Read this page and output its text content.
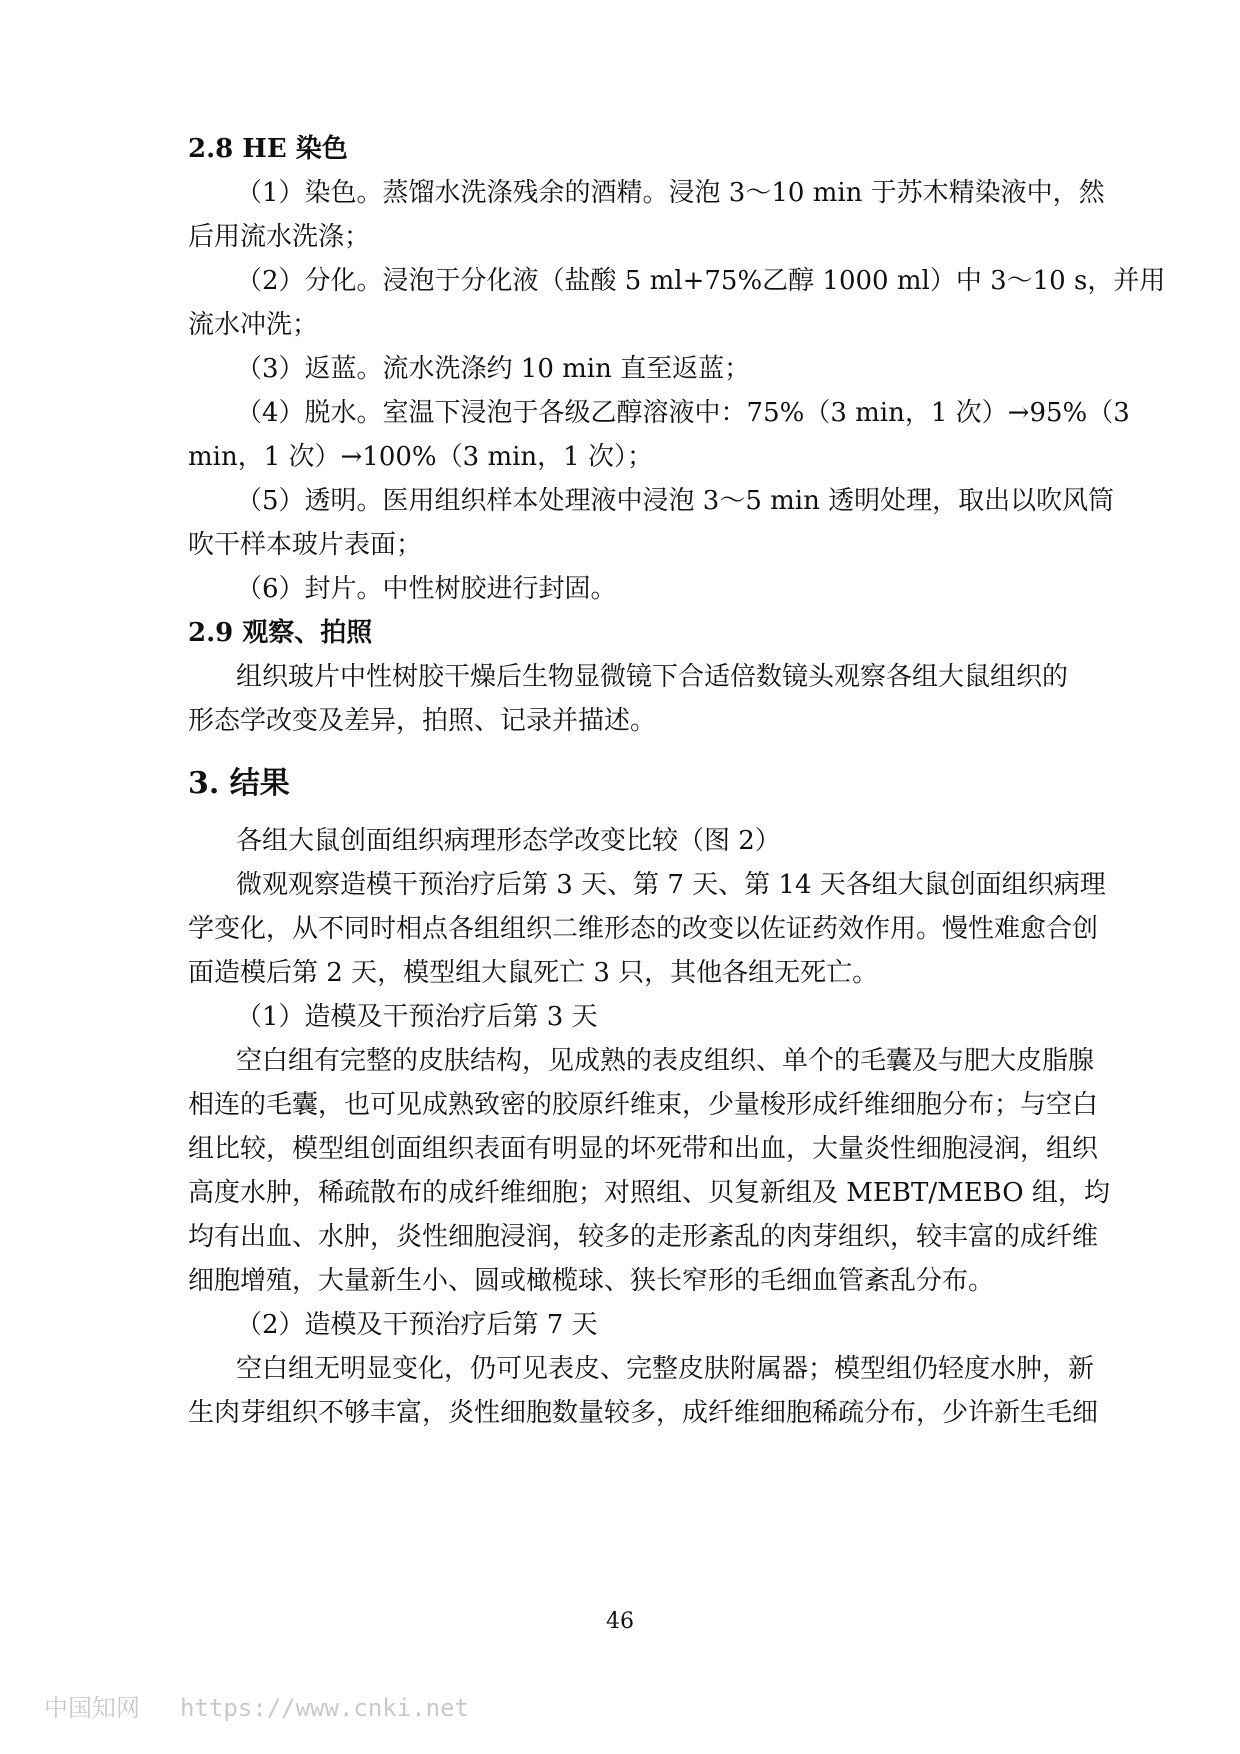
2.8 HE 染色
（1）染色。蒸馏水洗涤残余的酒精。浸泡 3～10 min 于苏木精染液中，然
后用流水洗涤；
（2）分化。浸泡于分化液（盐酸 5 ml+75%乙醇 1000 ml）中 3～10 s，并用
流水冲洗；
（3）返蓝。流水洗涤约 10 min 直至返蓝；
（4）脱水。室温下浸泡于各级乙醇溶液中：75%（3 min，1 次）→95%（3
min，1 次）→100%（3 min，1 次）；
（5）透明。医用组织样本处理液中浸泡 3～5 min 透明处理，取出以吹风筒
吹干样本玻片表面；
（6）封片。中性树胶进行封固。
2.9 观察、拍照
组织玻片中性树胶干燥后生物显微镜下合适倍数镜头观察各组大鼠组织的
形态学改变及差异，拍照、记录并描述。
3. 结果
各组大鼠创面组织病理形态学改变比较（图 2）
微观观察造模干预治疗后第 3 天、第 7 天、第 14 天各组大鼠创面组织病理
学变化，从不同时相点各组组织二维形态的改变以佐证药效作用。慢性难愈合创
面造模后第 2 天，模型组大鼠死亡 3 只，其他各组无死亡。
（1）造模及干预治疗后第 3 天
空白组有完整的皮肤结构，见成熟的表皮组织、单个的毛囊及与肥大皮脂腺
相连的毛囊，也可见成熟致密的胶原纤维束，少量梭形成纤维细胞分布；与空白
组比较，模型组创面组织表面有明显的坏死带和出血，大量炎性细胞浸润，组织
高度水肿，稀疏散布的成纤维细胞；对照组、贝复新组及 MEBT/MEBO 组，均
均有出血、水肿，炎性细胞浸润，较多的走形紊乱的肉芽组织，较丰富的成纤维
细胞增殖，大量新生小、圆或橄榄球、狭长窄形的毛细血管紊乱分布。
（2）造模及干预治疗后第 7 天
空白组无明显变化，仍可见表皮、完整皮肤附属器；模型组仍轻度水肿，新
生肉芽组织不够丰富，炎性细胞数量较多，成纤维细胞稀疏分布，少许新生毛细
46
中国知网 https://www.cnki.net
